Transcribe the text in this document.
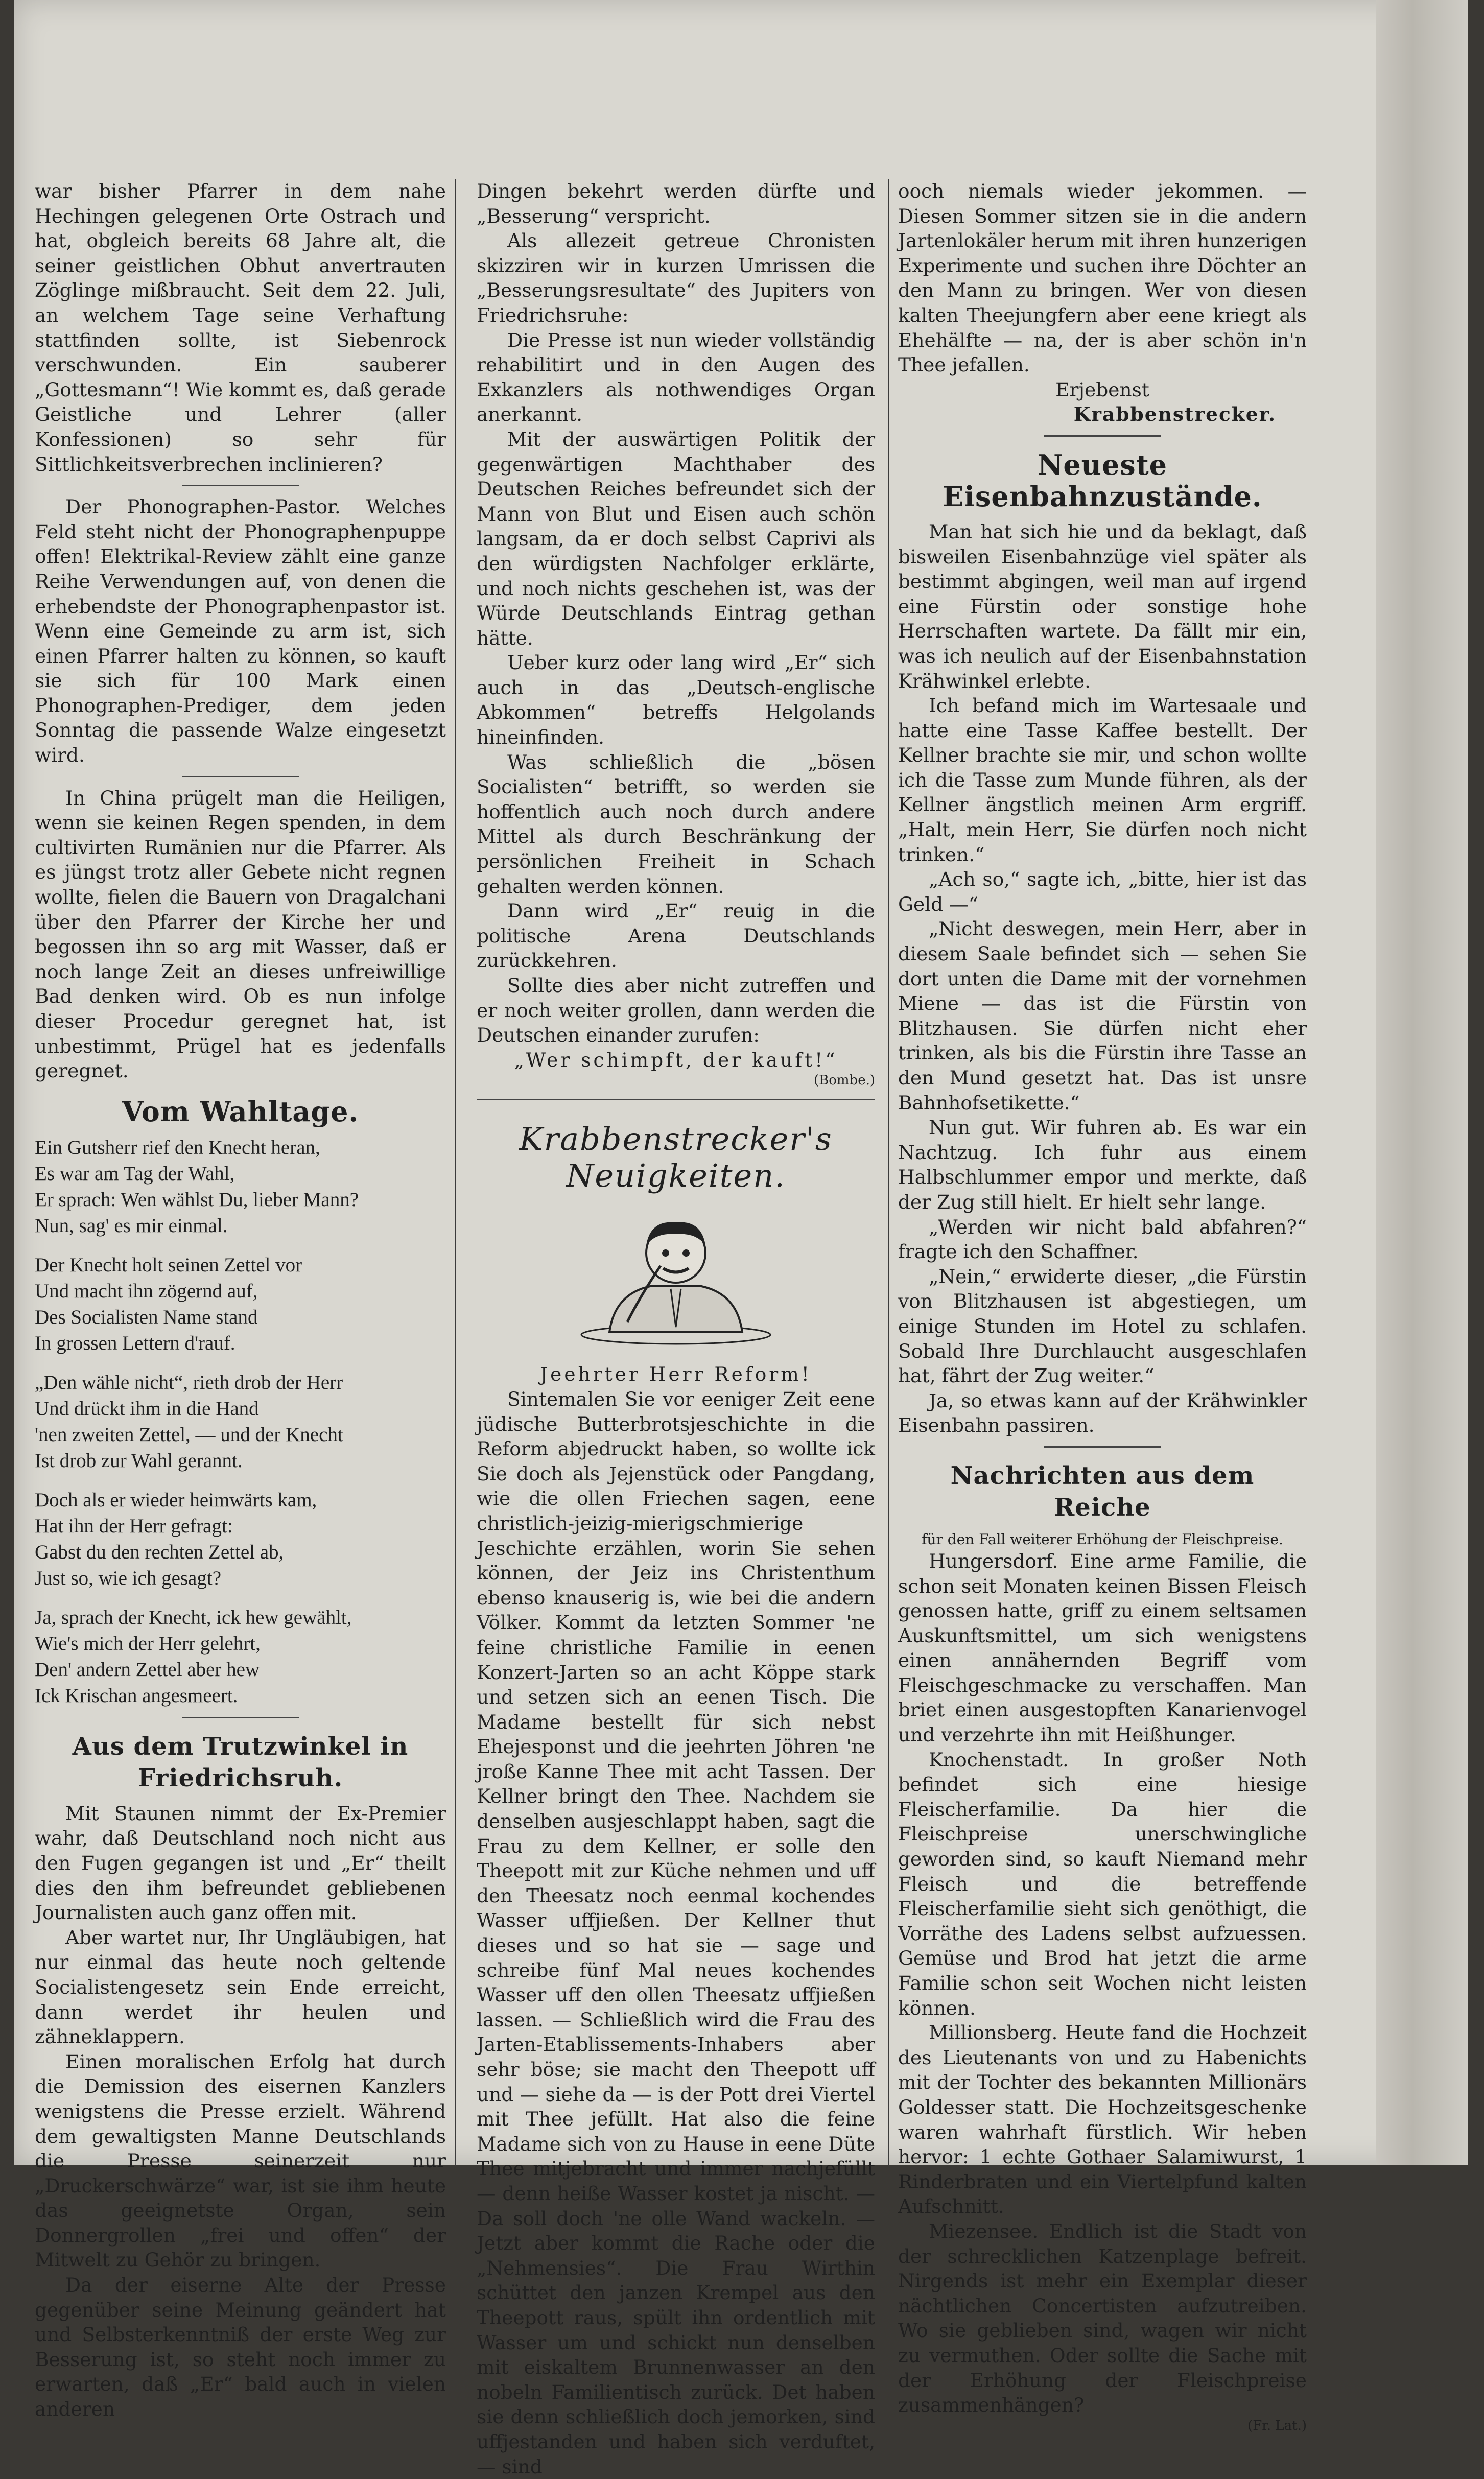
war bisher Pfarrer in dem nahe Hechingen gelegenen Orte Ostrach und hat, obgleich bereits 68 Jahre alt, die seiner geistlichen Obhut anvertrauten Zöglinge mißbraucht. Seit dem 22. Juli, an welchem Tage seine Verhaftung stattfinden sollte, ist Siebenrock verschwunden. Ein sauberer „Gottesmann“! Wie kommt es, daß gerade Geistliche und Lehrer (aller Konfessionen) so sehr für Sittlichkeitsverbrechen inclinieren?

Der Phonographen-Pastor. Welches Feld steht nicht der Phonographenpuppe offen! Elektrikal-Review zählt eine ganze Reihe Verwendungen auf, von denen die erhebendste der Phonographenpastor ist. Wenn eine Gemeinde zu arm ist, sich einen Pfarrer halten zu können, so kauft sie sich für 100 Mark einen Phonographen-Prediger, dem jeden Sonntag die passende Walze eingesetzt wird.

In China prügelt man die Heiligen, wenn sie keinen Regen spenden, in dem cultivirten Rumänien nur die Pfarrer. Als es jüngst trotz aller Gebete nicht regnen wollte, fielen die Bauern von Dragalchani über den Pfarrer der Kirche her und begossen ihn so arg mit Wasser, daß er noch lange Zeit an dieses unfreiwillige Bad denken wird. Ob es nun infolge dieser Procedur geregnet hat, ist unbestimmt, Prügel hat es jedenfalls geregnet.

Vom Wahltage.

Ein Gutsherr rief den Knecht heran,

Es war am Tag der Wahl,

Er sprach: Wen wählst Du, lieber Mann?

Nun, sag' es mir einmal.

Der Knecht holt seinen Zettel vor

Und macht ihn zögernd auf,

Des Socialisten Name stand

In grossen Lettern d'rauf.

„Den wähle nicht“, rieth drob der Herr

Und drückt ihm in die Hand

'nen zweiten Zettel, — und der Knecht

Ist drob zur Wahl gerannt.

Doch als er wieder heimwärts kam,

Hat ihn der Herr gefragt:

Gabst du den rechten Zettel ab,

Just so, wie ich gesagt?

Ja, sprach der Knecht, ick hew gewählt,

Wie's mich der Herr gelehrt,

Den' andern Zettel aber hew

Ick Krischan angesmeert.

Aus dem Trutzwinkel in Friedrichsruh.

Mit Staunen nimmt der Ex-Premier wahr, daß Deutschland noch nicht aus den Fugen gegangen ist und „Er“ theilt dies den ihm befreundet gebliebenen Journalisten auch ganz offen mit.

Aber wartet nur, Ihr Ungläubigen, hat nur einmal das heute noch geltende Socialistengesetz sein Ende erreicht, dann werdet ihr heulen und zähneklappern.

Einen moralischen Erfolg hat durch die Demission des eisernen Kanzlers wenigstens die Presse erzielt. Während dem gewaltigsten Manne Deutschlands die Presse seinerzeit nur „Druckerschwärze“ war, ist sie ihm heute das geeignetste Organ, sein Donnergrollen „frei und offen“ der Mitwelt zu Gehör zu bringen.

Da der eiserne Alte der Presse gegenüber seine Meinung geändert hat und Selbsterkenntniß der erste Weg zur Besserung ist, so steht noch immer zu erwarten, daß „Er“ bald auch in vielen anderen

Dingen bekehrt werden dürfte und „Besserung“ verspricht.

Als allezeit getreue Chronisten skizziren wir in kurzen Umrissen die „Besserungsresultate“ des Jupiters von Friedrichsruhe:

Die Presse ist nun wieder vollständig rehabilitirt und in den Augen des Exkanzlers als nothwendiges Organ anerkannt.

Mit der auswärtigen Politik der gegenwärtigen Machthaber des Deutschen Reiches befreundet sich der Mann von Blut und Eisen auch schön langsam, da er doch selbst Caprivi als den würdigsten Nachfolger erklärte, und noch nichts geschehen ist, was der Würde Deutschlands Eintrag gethan hätte.

Ueber kurz oder lang wird „Er“ sich auch in das „Deutsch-englische Abkommen“ betreffs Helgolands hineinfinden.

Was schließlich die „bösen Socialisten“ betrifft, so werden sie hoffentlich auch noch durch andere Mittel als durch Beschränkung der persönlichen Freiheit in Schach gehalten werden können.

Dann wird „Er“ reuig in die politische Arena Deutschlands zurückkehren.

Sollte dies aber nicht zutreffen und er noch weiter grollen, dann werden die Deutschen einander zurufen:

„Wer schimpft, der kauft!“

(Bombe.)
Krabbenstrecker's Neuigkeiten.

Jeehrter Herr Reform!

Sintemalen Sie vor eeniger Zeit eene jüdische Butterbrotsjeschichte in die Reform abjedruckt haben, so wollte ick Sie doch als Jejenstück oder Pangdang, wie die ollen Friechen sagen, eene christlich-jeizig-mierigschmierige Jeschichte erzählen, worin Sie sehen können, der Jeiz ins Christenthum ebenso knauserig is, wie bei die andern Völker. Kommt da letzten Sommer 'ne feine christliche Familie in eenen Konzert-Jarten so an acht Köppe stark und setzen sich an eenen Tisch. Die Madame bestellt für sich nebst Ehejesponst und die jeehrten Jöhren 'ne jroße Kanne Thee mit acht Tassen. Der Kellner bringt den Thee. Nachdem sie denselben ausjeschlappt haben, sagt die Frau zu dem Kellner, er solle den Theepott mit zur Küche nehmen und uff den Theesatz noch eenmal kochendes Wasser uffjießen. Der Kellner thut dieses und so hat sie — sage und schreibe fünf Mal neues kochendes Wasser uff den ollen Theesatz uffjießen lassen. — Schließlich wird die Frau des Jarten-Etablissements-Inhabers aber sehr böse; sie macht den Theepott uff und — siehe da — is der Pott drei Viertel mit Thee jefüllt. Hat also die feine Madame sich von zu Hause in eene Düte Thee mitjebracht und immer nachjefüllt — denn heiße Wasser kostet ja nischt. — Da soll doch 'ne olle Wand wackeln. — Jetzt aber kommt die Rache oder die „Nehmensies“. Die Frau Wirthin schüttet den janzen Krempel aus den Theepott raus, spült ihn ordentlich mit Wasser um und schickt nun denselben mit eiskaltem Brunnenwasser an den nobeln Familientisch zurück. Det haben sie denn schließlich doch jemorken, sind uffjestanden und haben sich verduftet, — sind

ooch niemals wieder jekommen. — Diesen Sommer sitzen sie in die andern Jartenlokäler herum mit ihren hunzerigen Experimente und suchen ihre Döchter an den Mann zu bringen. Wer von diesen kalten Theejungfern aber eene kriegt als Ehehälfte — na, der is aber schön in'n Thee jefallen.

Erjebenst

Krabbenstrecker.

Neueste Eisenbahnzustände.

Man hat sich hie und da beklagt, daß bisweilen Eisenbahnzüge viel später als bestimmt abgingen, weil man auf irgend eine Fürstin oder sonstige hohe Herrschaften wartete. Da fällt mir ein, was ich neulich auf der Eisenbahnstation Krähwinkel erlebte.

Ich befand mich im Wartesaale und hatte eine Tasse Kaffee bestellt. Der Kellner brachte sie mir, und schon wollte ich die Tasse zum Munde führen, als der Kellner ängstlich meinen Arm ergriff. „Halt, mein Herr, Sie dürfen noch nicht trinken.“

„Ach so,“ sagte ich, „bitte, hier ist das Geld —“

„Nicht deswegen, mein Herr, aber in diesem Saale befindet sich — sehen Sie dort unten die Dame mit der vornehmen Miene — das ist die Fürstin von Blitzhausen. Sie dürfen nicht eher trinken, als bis die Fürstin ihre Tasse an den Mund gesetzt hat. Das ist unsre Bahnhofsetikette.“

Nun gut. Wir fuhren ab. Es war ein Nachtzug. Ich fuhr aus einem Halbschlummer empor und merkte, daß der Zug still hielt. Er hielt sehr lange.

„Werden wir nicht bald abfahren?“ fragte ich den Schaffner.

„Nein,“ erwiderte dieser, „die Fürstin von Blitzhausen ist abgestiegen, um einige Stunden im Hotel zu schlafen. Sobald Ihre Durchlaucht ausgeschlafen hat, fährt der Zug weiter.“

Ja, so etwas kann auf der Krähwinkler Eisenbahn passiren.

Nachrichten aus dem Reiche
für den Fall weiterer Erhöhung der Fleischpreise.

Hungersdorf. Eine arme Familie, die schon seit Monaten keinen Bissen Fleisch genossen hatte, griff zu einem seltsamen Auskunftsmittel, um sich wenigstens einen annähernden Begriff vom Fleischgeschmacke zu verschaffen. Man briet einen ausgestopften Kanarienvogel und verzehrte ihn mit Heißhunger.

Knochenstadt. In großer Noth befindet sich eine hiesige Fleischerfamilie. Da hier die Fleischpreise unerschwingliche geworden sind, so kauft Niemand mehr Fleisch und die betreffende Fleischerfamilie sieht sich genöthigt, die Vorräthe des Ladens selbst aufzuessen. Gemüse und Brod hat jetzt die arme Familie schon seit Wochen nicht leisten können.

Millionsberg. Heute fand die Hochzeit des Lieutenants von und zu Habenichts mit der Tochter des bekannten Millionärs Goldesser statt. Die Hochzeitsgeschenke waren wahrhaft fürstlich. Wir heben hervor: 1 echte Gothaer Salamiwurst, 1 Rinderbraten und ein Viertelpfund kalten Aufschnitt.

Miezensee. Endlich ist die Stadt von der schrecklichen Katzenplage befreit. Nirgends ist mehr ein Exemplar dieser nächtlichen Concertisten aufzutreiben. Wo sie geblieben sind, wagen wir nicht zu vermuthen. Oder sollte die Sache mit der Erhöhung der Fleischpreise zusammenhängen?

(Fr. Lat.)
